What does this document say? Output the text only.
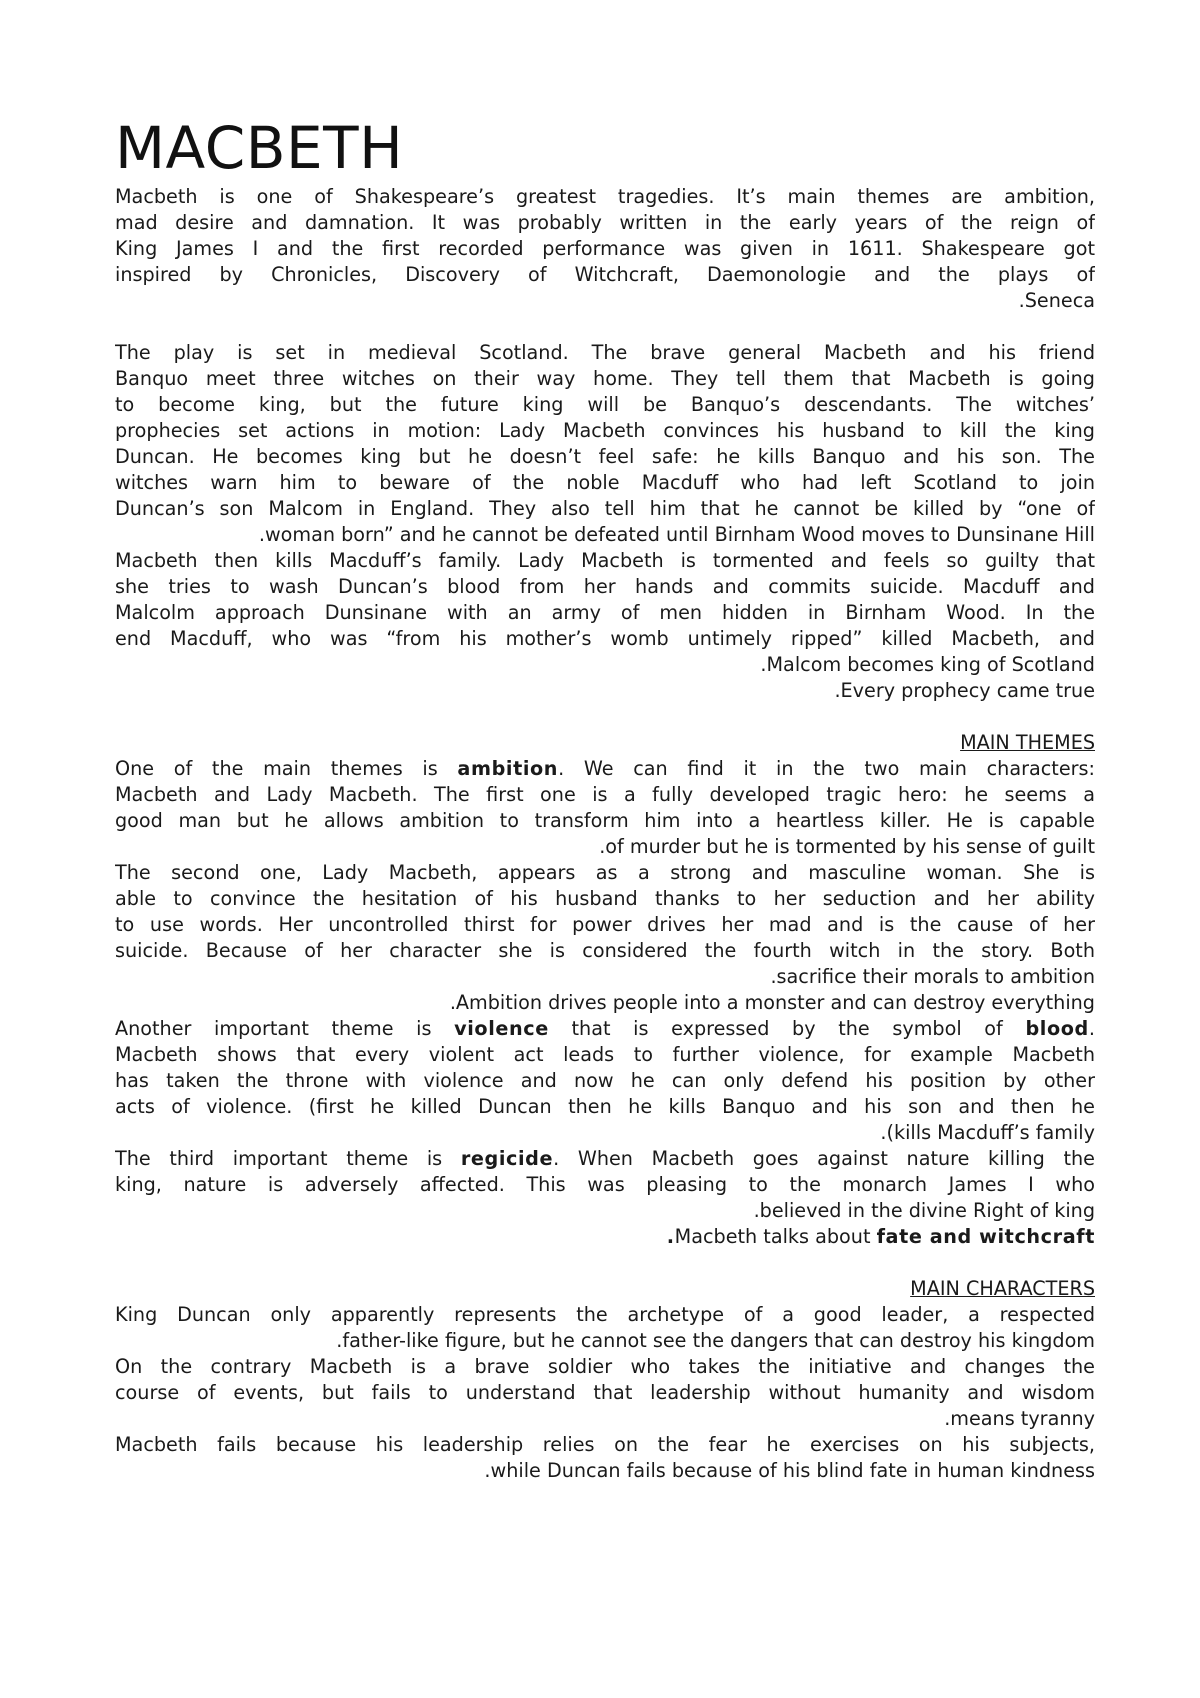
MACBETH
Macbeth is one of Shakespeare’s greatest tragedies. It’s main themes are ambition,
mad desire and damnation. It was probably written in the early years of the reign of
King James I and the first recorded performance was given in 1611. Shakespeare got
inspired by Chronicles, Discovery of Witchcraft, Daemonologie and the plays of
.Seneca
The play is set in medieval Scotland. The brave general Macbeth and his friend
Banquo meet three witches on their way home. They tell them that Macbeth is going
to become king, but the future king will be Banquo’s descendants. The witches’
prophecies set actions in motion: Lady Macbeth convinces his husband to kill the king
Duncan. He becomes king but he doesn’t feel safe: he kills Banquo and his son. The
witches warn him to beware of the noble Macduff who had left Scotland to join
Duncan’s son Malcom in England. They also tell him that he cannot be killed by “one of
.woman born” and he cannot be defeated until Birnham Wood moves to Dunsinane Hill
Macbeth then kills Macduff’s family. Lady Macbeth is tormented and feels so guilty that
she tries to wash Duncan’s blood from her hands and commits suicide. Macduff and
Malcolm approach Dunsinane with an army of men hidden in Birnham Wood. In the
end Macduff, who was “from his mother’s womb untimely ripped” killed Macbeth, and
.Malcom becomes king of Scotland
.Every prophecy came true
MAIN THEMES
One of the main themes is ambition. We can find it in the two main characters:
Macbeth and Lady Macbeth. The first one is a fully developed tragic hero: he seems a
good man but he allows ambition to transform him into a heartless killer. He is capable
.of murder but he is tormented by his sense of guilt
The second one, Lady Macbeth, appears as a strong and masculine woman. She is
able to convince the hesitation of his husband thanks to her seduction and her ability
to use words. Her uncontrolled thirst for power drives her mad and is the cause of her
suicide. Because of her character she is considered the fourth witch in the story. Both
.sacrifice their morals to ambition
.Ambition drives people into a monster and can destroy everything
Another important theme is violence that is expressed by the symbol of blood.
Macbeth shows that every violent act leads to further violence, for example Macbeth
has taken the throne with violence and now he can only defend his position by other
acts of violence. (first he killed Duncan then he kills Banquo and his son and then he
.(kills Macduff’s family
The third important theme is regicide. When Macbeth goes against nature killing the
king, nature is adversely affected. This was pleasing to the monarch James I who
.believed in the divine Right of king
.Macbeth talks about fate and witchcraft
MAIN CHARACTERS
King Duncan only apparently represents the archetype of a good leader, a respected
.father-like figure, but he cannot see the dangers that can destroy his kingdom
On the contrary Macbeth is a brave soldier who takes the initiative and changes the
course of events, but fails to understand that leadership without humanity and wisdom
.means tyranny
Macbeth fails because his leadership relies on the fear he exercises on his subjects,
.while Duncan fails because of his blind fate in human kindness
